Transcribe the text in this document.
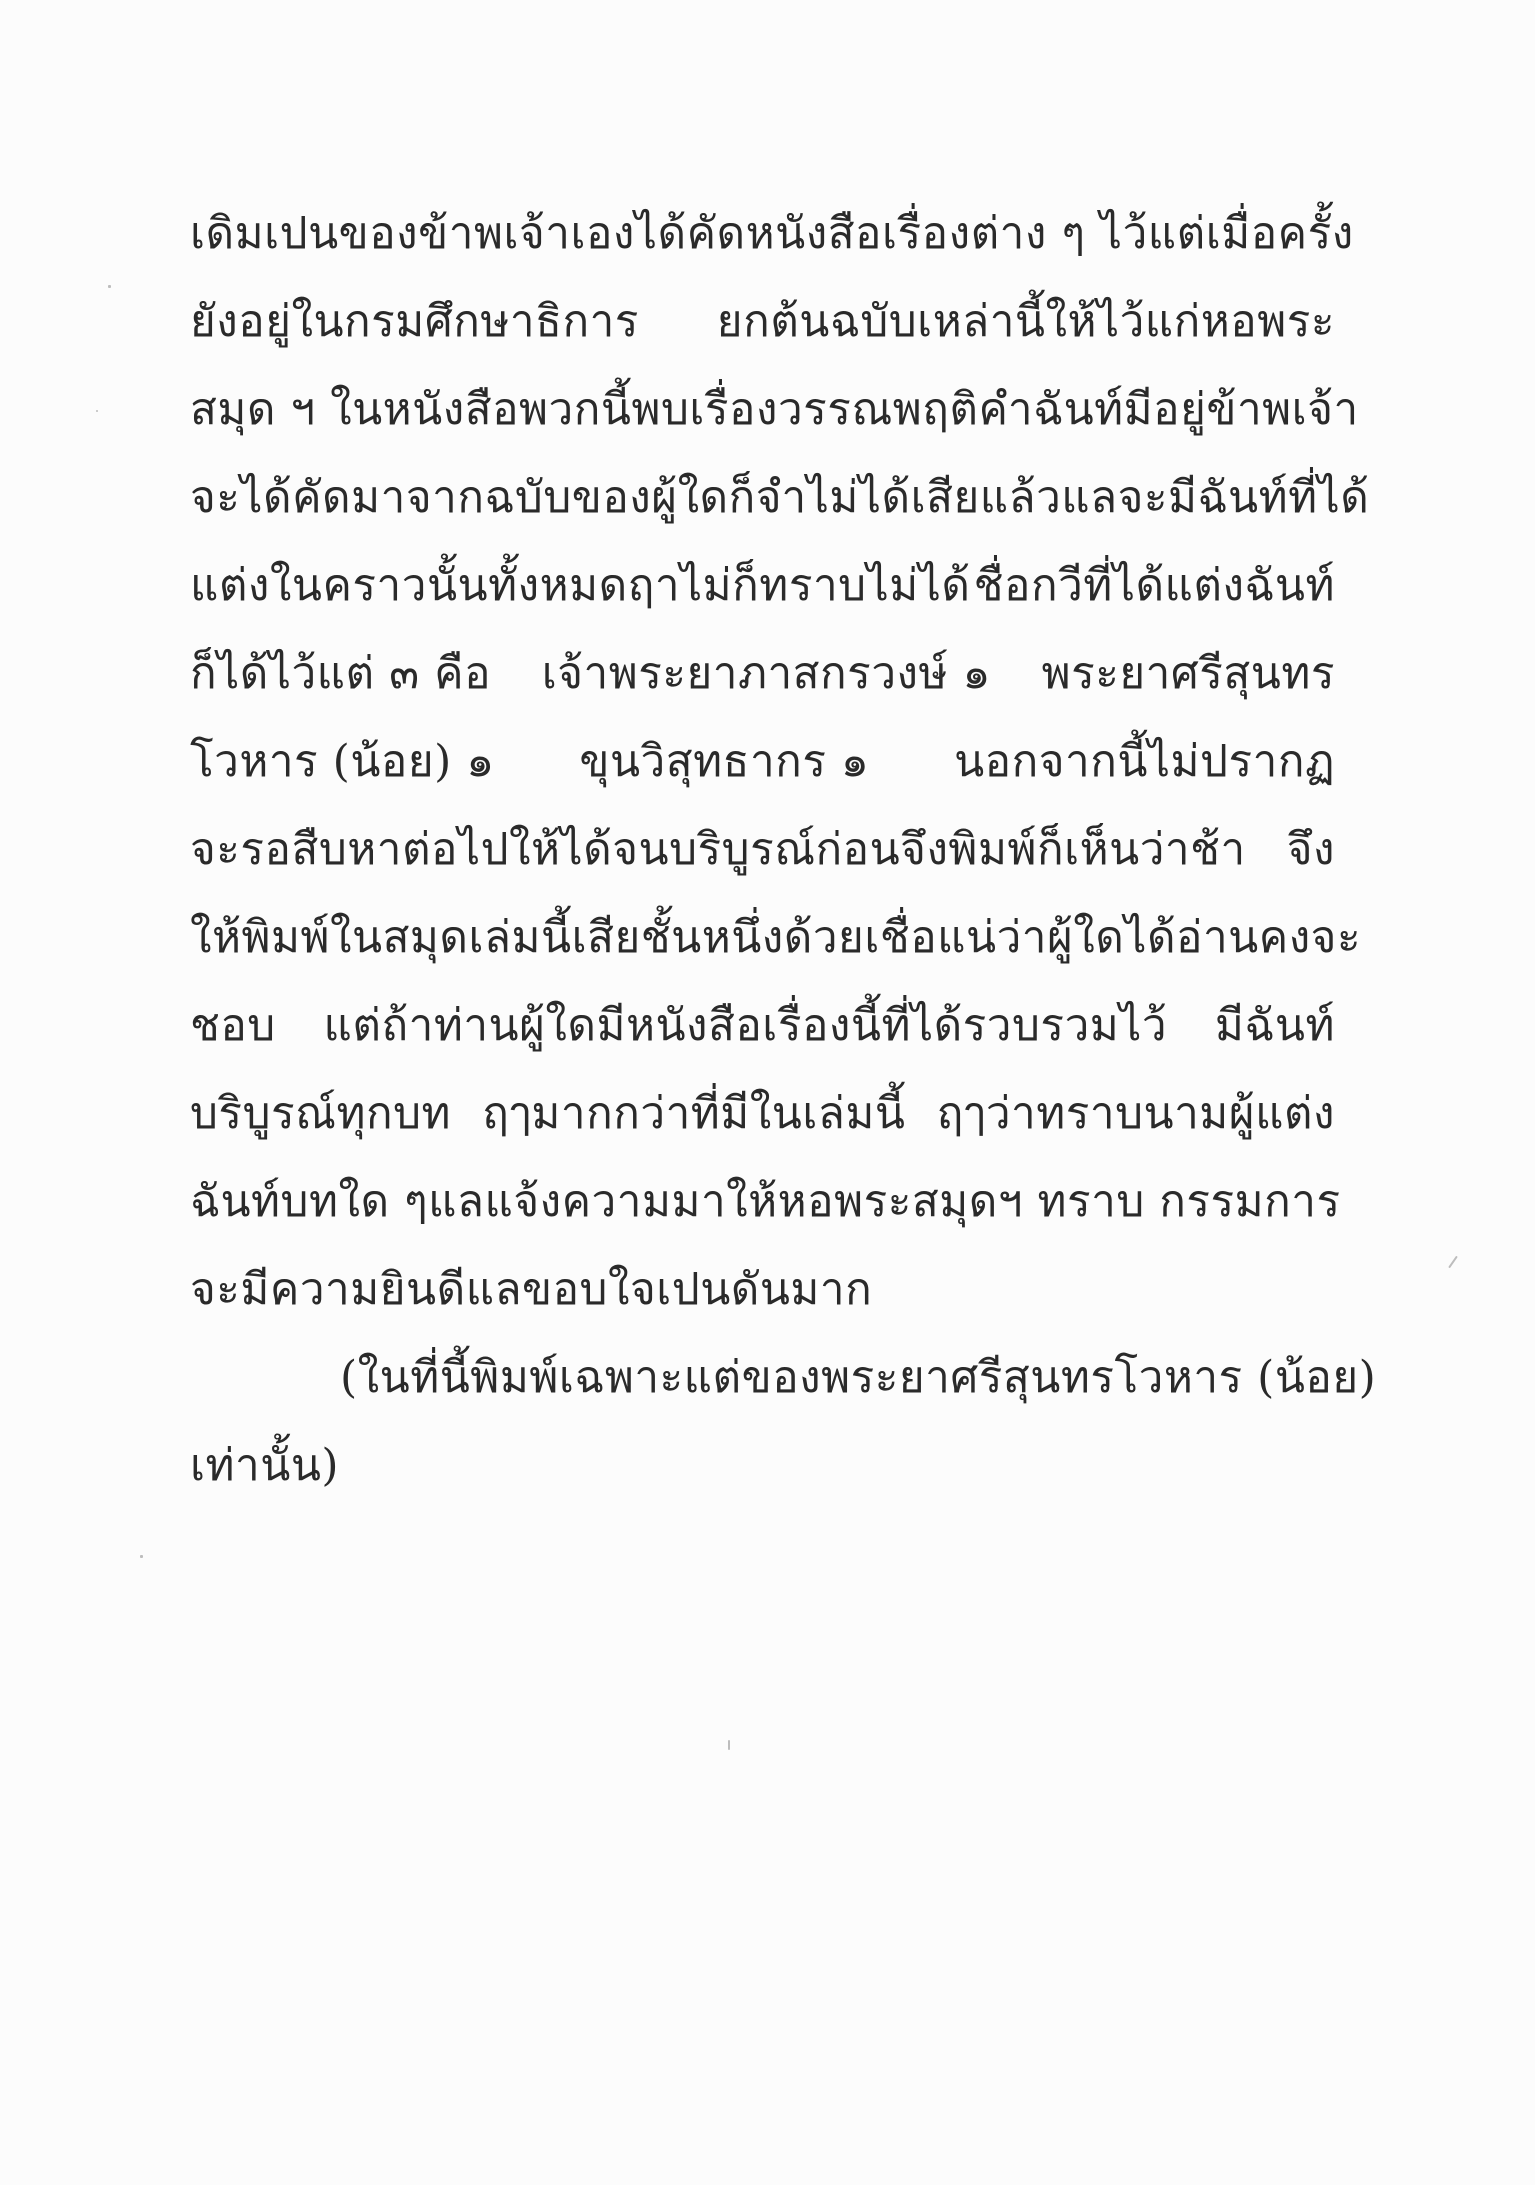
เดิมเปนของข้าพเจ้าเอง ได้คัดหนังสือเรื่องต่าง ๆ ไว้แต่เมื่อครั้ง
ยังอยู่ในกรมศึกษาธิการ ยกต้นฉบับเหล่านี้ให้ไว้แก่หอพระ
สมุด ฯ ในหนังสือพวกนี้พบเรื่องวรรณพฤติคำฉันท์มีอยู่ ข้าพเจ้า
จะได้คัดมาจากฉบับของผู้ใดก็จำไม่ได้เสียแล้ว แลจะมีฉันท์ที่ได้
แต่งในคราวนั้นทั้งหมดฤาไม่ก็ทราบไม่ได้ ชื่อกวีที่ได้แต่งฉันท์
ก็ได้ไว้แต่ ๓ คือ เจ้าพระยาภาสกรวงษ์ ๑ พระยาศรีสุนทร
โวหาร (น้อย) ๑ ขุนวิสุทธากร ๑ นอกจากนี้ไม่ปรากฏ
จะรอสืบหาต่อไปให้ได้จนบริบูรณ์ก่อนจึงพิมพ์ก็เห็นว่าช้า จึง
ให้พิมพ์ในสมุดเล่มนี้เสียชั้นหนึ่ง ด้วยเชื่อแน่ว่าผู้ใดได้อ่านคงจะ
ชอบ แต่ถ้าท่านผู้ใดมีหนังสือเรื่องนี้ที่ได้รวบรวมไว้ มีฉันท์
บริบูรณ์ทุกบท ฤๅมากกว่าที่มีในเล่มนี้ ฤๅว่าทราบนามผู้แต่ง
ฉันท์บทใด ๆ แลแจ้งความมาให้หอพระสมุดฯ ทราบ กรรมการ
จะมีความยินดีแลขอบใจเปนดันมาก
(ในที่นี้พิมพ์เฉพาะแต่ของพระยาศรีสุนทรโวหาร (น้อย)
เท่านั้น)
